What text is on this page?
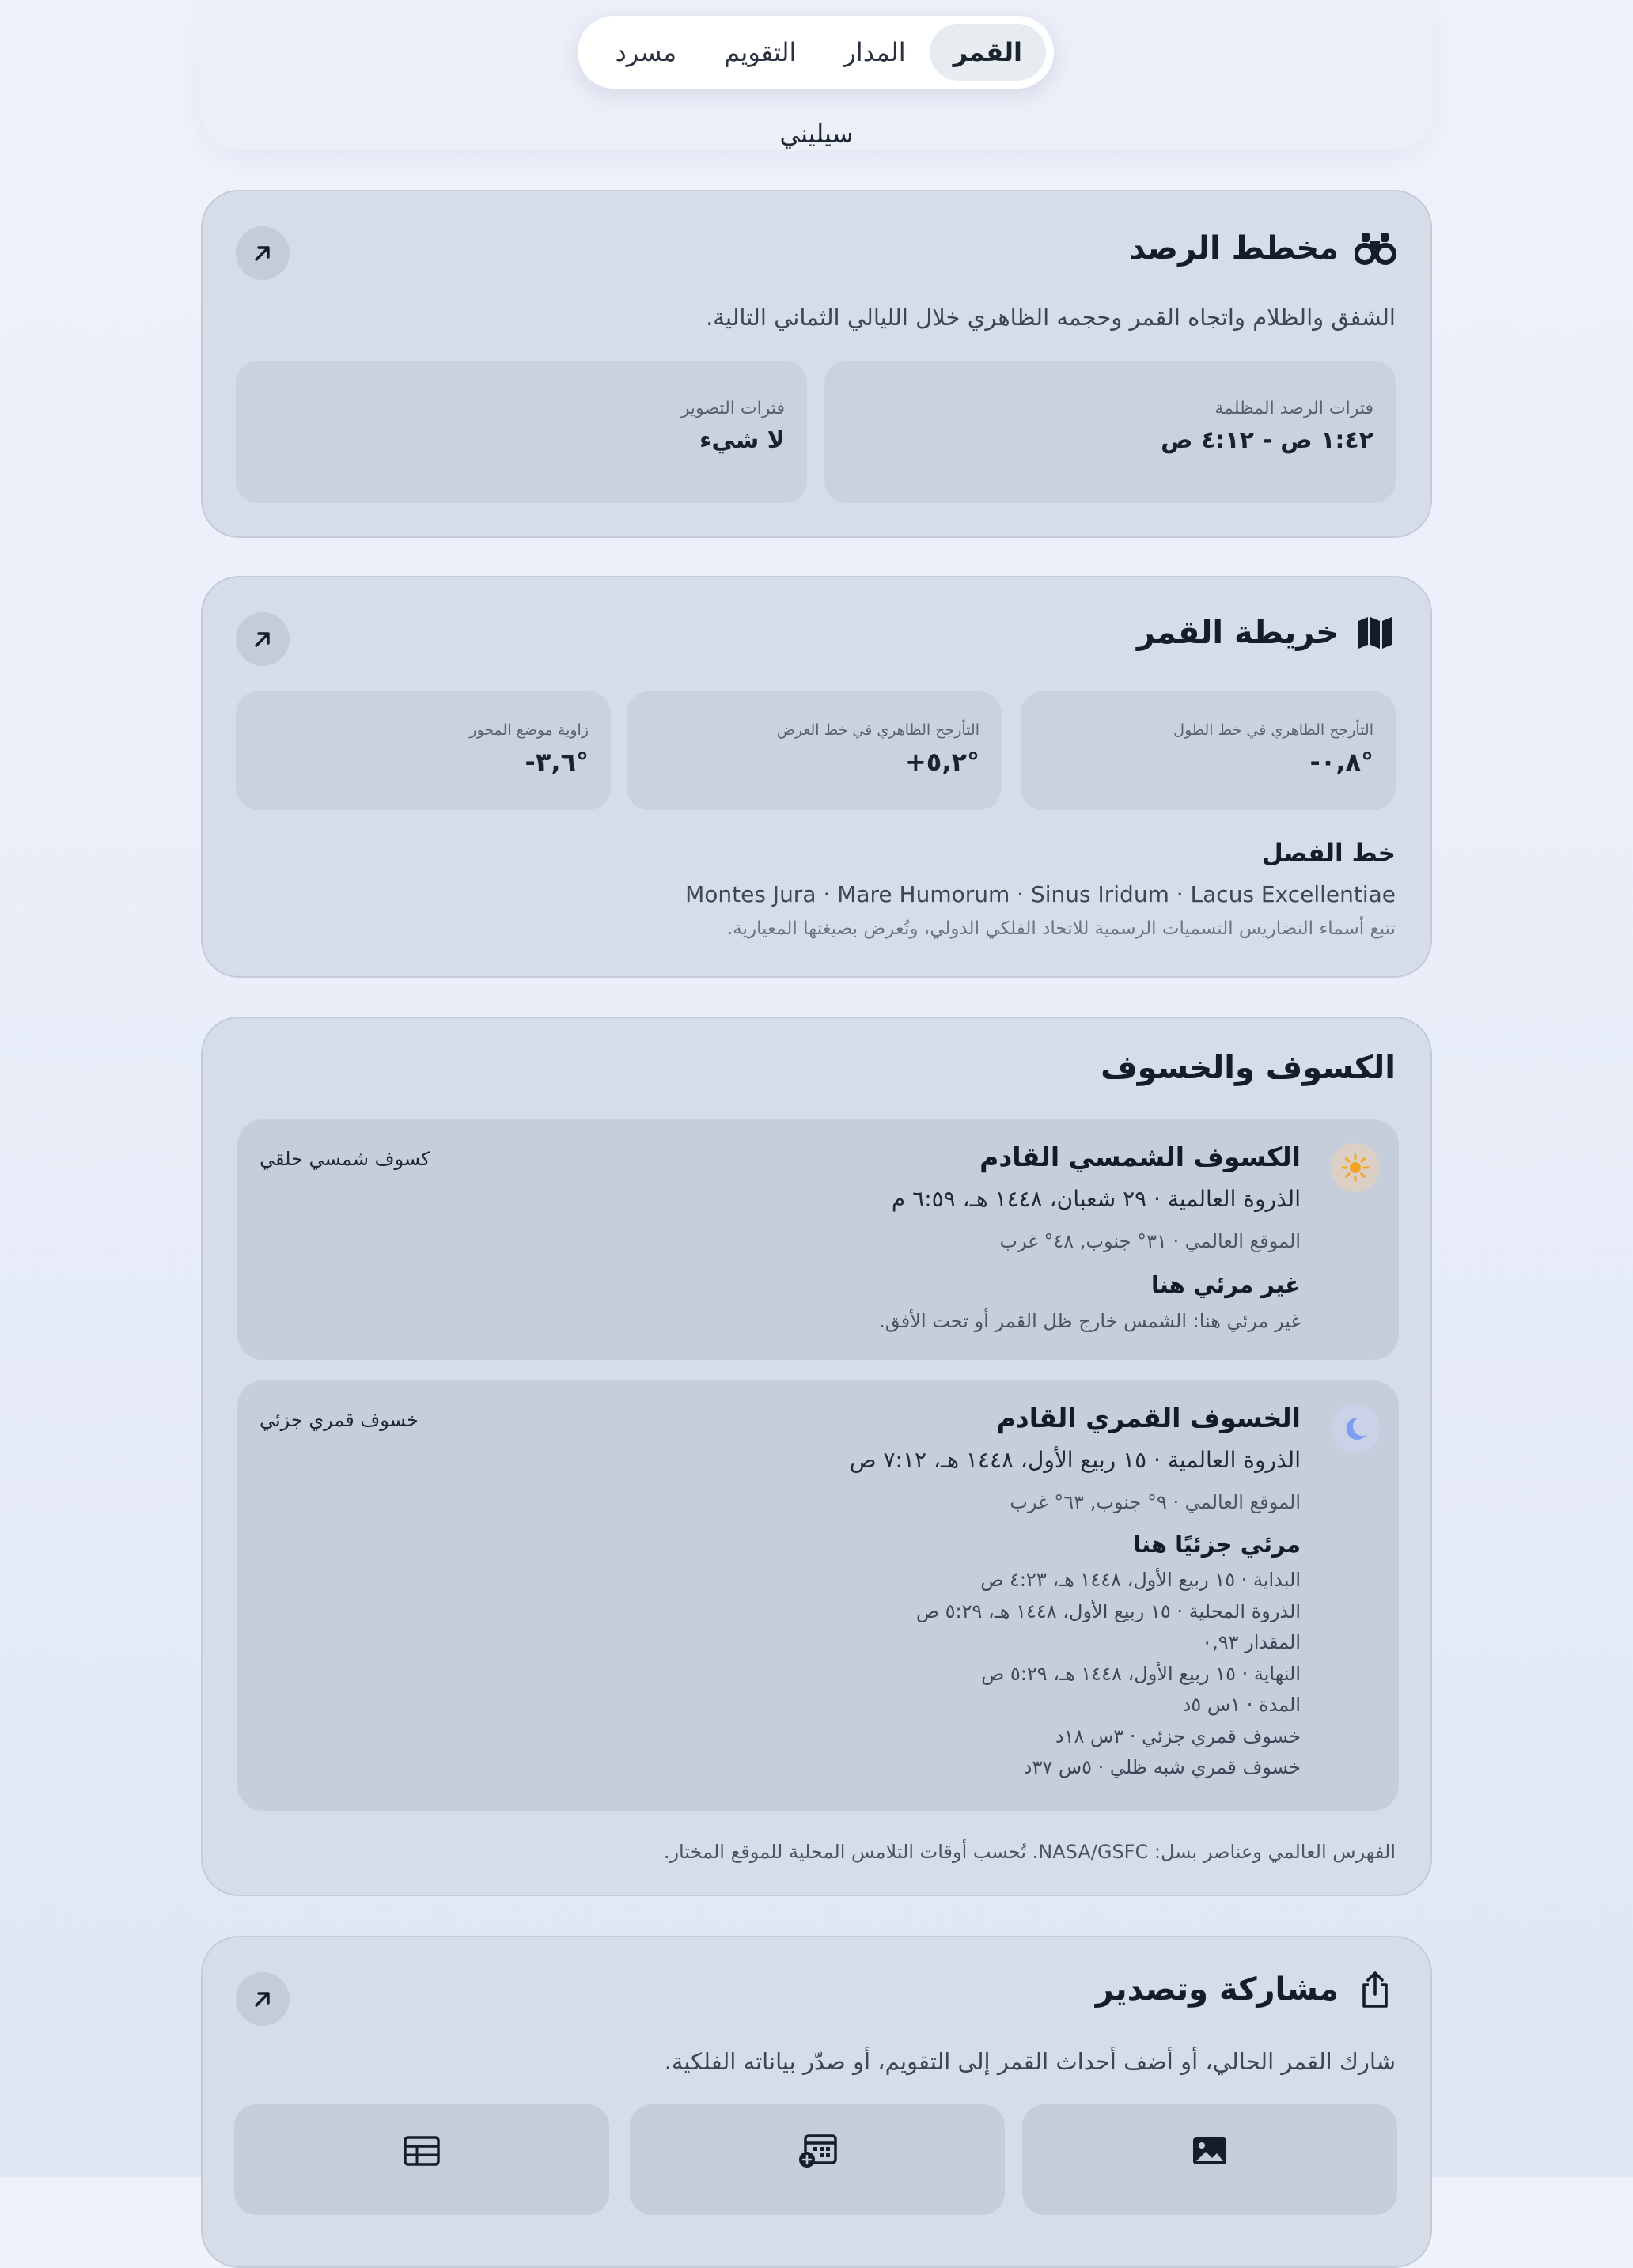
القمر
المدار
التقويم
مسرد
سيليني
مخطط الرصد
الشفق والظلام واتجاه القمر وحجمه الظاهري خلال الليالي الثماني التالية.
فترات الرصد المظلمة
١:٤٢ ص - ٤:١٢ ص
فترات التصوير
لا شيء
خريطة القمر
التأرجح الظاهري في خط الطول
-٠,٨°
التأرجح الظاهري في خط العرض
+٥,٢°
زاوية موضع المحور
-٣,٦°
خط الفصل
Montes Jura · Mare Humorum · Sinus Iridum · Lacus Excellentiae
تتبع أسماء التضاريس التسميات الرسمية للاتحاد الفلكي الدولي، وتُعرض بصيغتها المعيارية.
الكسوف والخسوف
الكسوف الشمسي القادم
كسوف شمسي حلقي
الذروة العالمية · ٢٩ شعبان، ١٤٤٨ هـ، ٦:٥٩ م
الموقع العالمي · ٣١° جنوب, ٤٨° غرب
غير مرئي هنا
غير مرئي هنا: الشمس خارج ظل القمر أو تحت الأفق.
الخسوف القمري القادم
خسوف قمري جزئي
الذروة العالمية · ١٥ ربيع الأول، ١٤٤٨ هـ، ٧:١٢ ص
الموقع العالمي · ٩° جنوب, ٦٣° غرب
مرئي جزئيًا هنا
البداية · ١٥ ربيع الأول، ١٤٤٨ هـ، ٤:٢٣ ص
الذروة المحلية · ١٥ ربيع الأول، ١٤٤٨ هـ، ٥:٢٩ ص
المقدار ٠,٩٣
النهاية · ١٥ ربيع الأول، ١٤٤٨ هـ، ٥:٢٩ ص
المدة · ١س ٥د
خسوف قمري جزئي · ٣س ١٨د
خسوف قمري شبه ظلي · ٥س ٣٧د
الفهرس العالمي وعناصر بسل: NASA/GSFC. تُحسب أوقات التلامس المحلية للموقع المختار.
مشاركة وتصدير
شارك القمر الحالي، أو أضف أحداث القمر إلى التقويم، أو صدّر بياناته الفلكية.
